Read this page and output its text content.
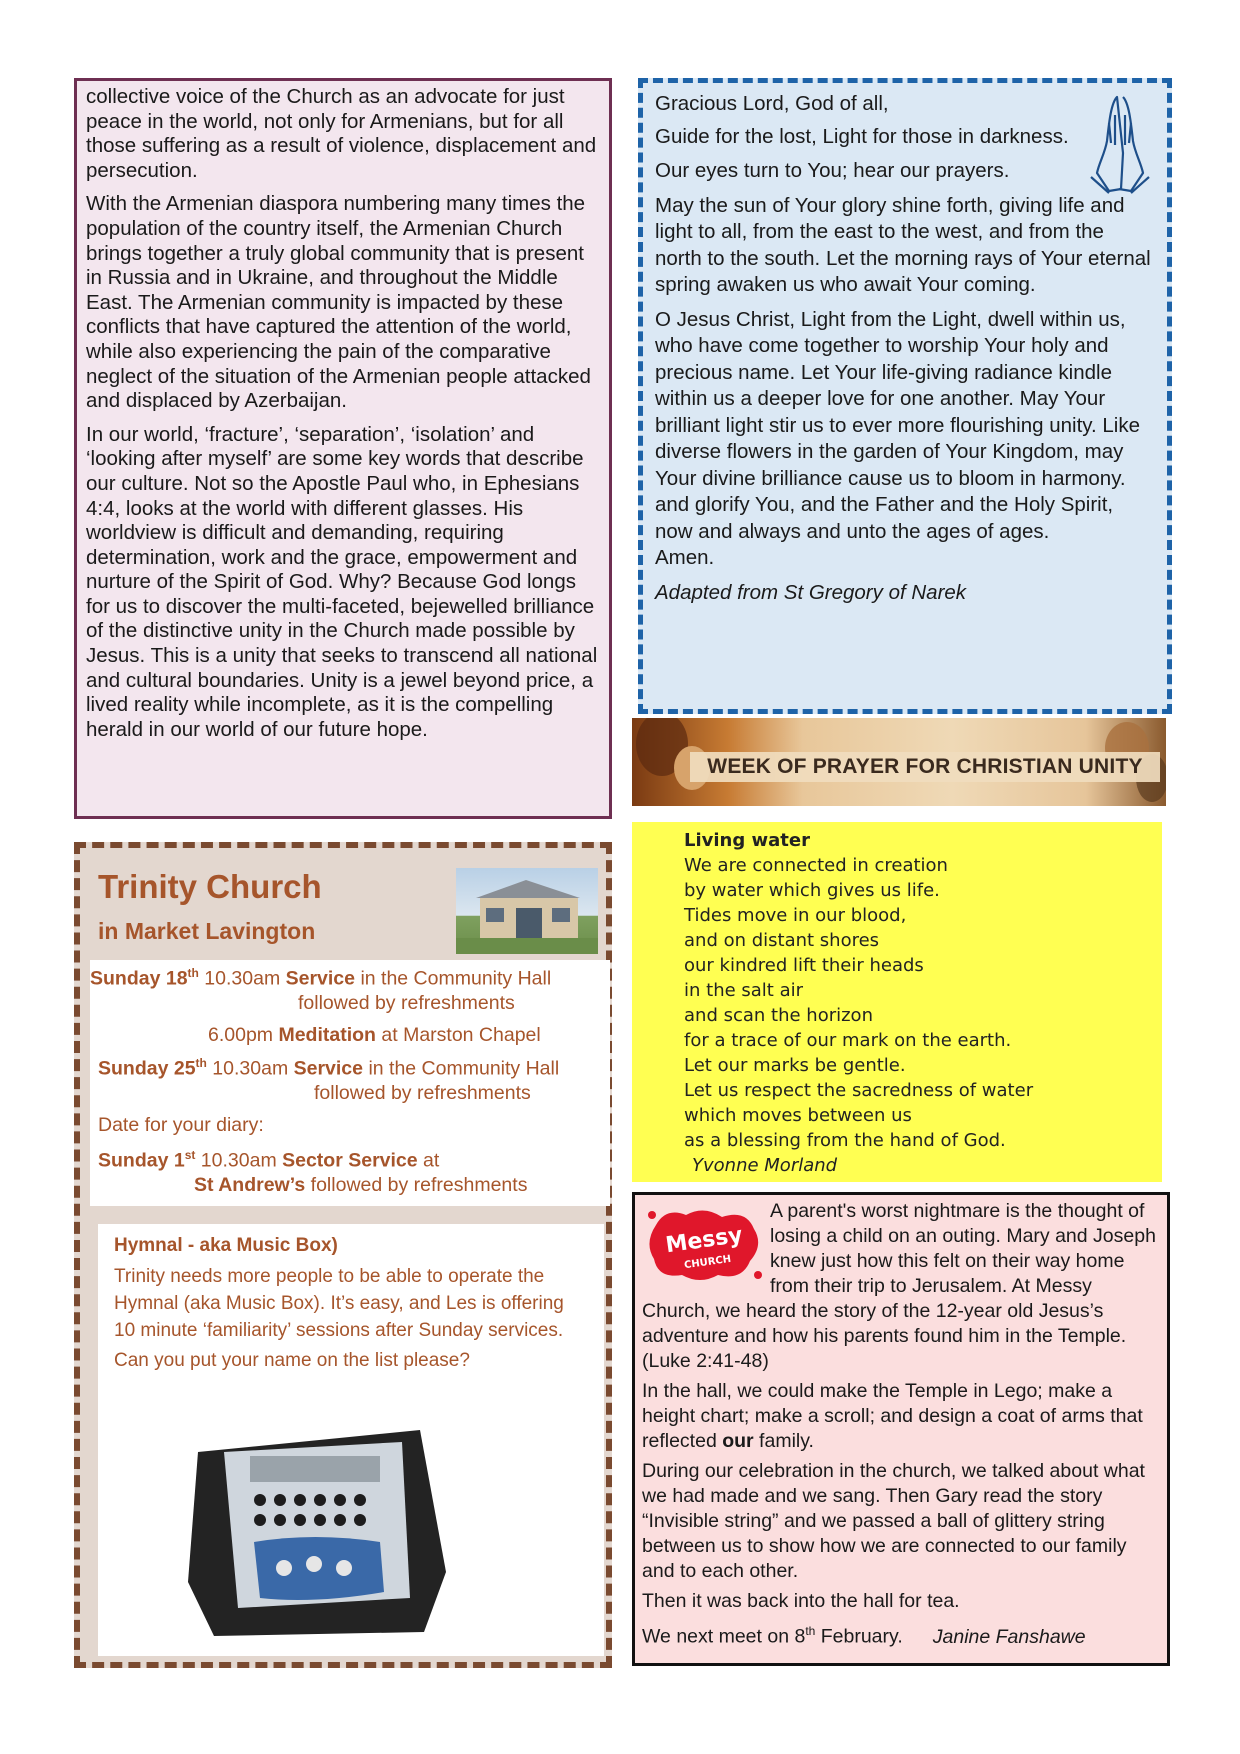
collective voice of the Church as an advocate for just peace in the world, not only for Armenians, but for all those suffering as a result of violence, displacement and persecution.

With the Armenian diaspora numbering many times the population of the country itself, the Armenian Church brings together a truly global community that is present in Russia and in Ukraine, and throughout the Middle East. The Armenian community is impacted by these conflicts that have captured the attention of the world, while also experiencing the pain of the comparative neglect of the situation of the Armenian people attacked and displaced by Azerbaijan.

In our world, ‘fracture’, ‘separation’, ‘isolation’ and ‘looking after myself’ are some key words that describe our culture. Not so the Apostle Paul who, in Ephesians 4:4, looks at the world with different glasses. His worldview is difficult and demanding, requiring determination, work and the grace, empowerment and nurture of the Spirit of God. Why? Because God longs for us to discover the multi-faceted, bejewelled brilliance of the distinctive unity in the Church made possible by Jesus. This is a unity that seeks to transcend all national and cultural boundaries. Unity is a jewel beyond price, a lived reality while incomplete, as it is the compelling herald in our world of our future hope.

Gracious Lord, God of all,

Guide for the lost, Light for those in darkness.

Our eyes turn to You; hear our prayers.

May the sun of Your glory shine forth, giving life and light to all, from the east to the west, and from the north to the south. Let the morning rays of Your eternal spring awaken us who await Your coming.

O Jesus Christ, Light from the Light, dwell within us, who have come together to worship Your holy and precious name. Let Your life-giving radiance kindle within us a deeper love for one another. May Your brilliant light stir us to ever more flourishing unity. Like diverse flowers in the garden of Your Kingdom, may Your divine brilliance cause us to bloom in harmony. and glorify You, and the Father and the Holy Spirit, now and always and unto the ages of ages.

Amen.

Adapted from St Gregory of Narek

WEEK OF PRAYER FOR CHRISTIAN UNITY
Trinity Church
in Market Lavington
Sunday 18th 10.30am Service in the Community Hall
followed by refreshments
6.00pm Meditation at Marston Chapel
Sunday 25th 10.30am Service in the Community Hall
followed by refreshments
Date for your diary:
Sunday 1st 10.30am Sector Service at
St Andrew’s followed by refreshments

Hymnal - aka Music Box)

Trinity needs more people to be able to operate the Hymnal (aka Music Box). It’s easy, and Les is offering 10 minute ‘familiarity’ sessions after Sunday services.

Can you put your name on the list please?

Living water
We are connected in creation
by water which gives us life.
Tides move in our blood,
and on distant shores
our kindred lift their heads
in the salt air
and scan the horizon
for a trace of our mark on the earth.
Let our marks be gentle.
Let us respect the sacredness of water
which moves between us
as a blessing from the hand of God.
Yvonne Morland
Messy
CHURCH

A parent's worst nightmare is the thought of losing a child on an outing. Mary and Joseph knew just how this felt on their way home from their trip to Jerusalem. At Messy Church, we heard the story of the 12-year old Jesus’s adventure and how his parents found him in the Temple. (Luke 2:41-48)

In the hall, we could make the Temple in Lego; make a height chart; make a scroll; and design a coat of arms that reflected our family.

During our celebration in the church, we talked about what we had made and we sang. Then Gary read the story “Invisible string” and we passed a ball of glittery string between us to show how we are connected to our family and to each other.

Then it was back into the hall for tea.

We next meet on 8th February. Janine Fanshawe
